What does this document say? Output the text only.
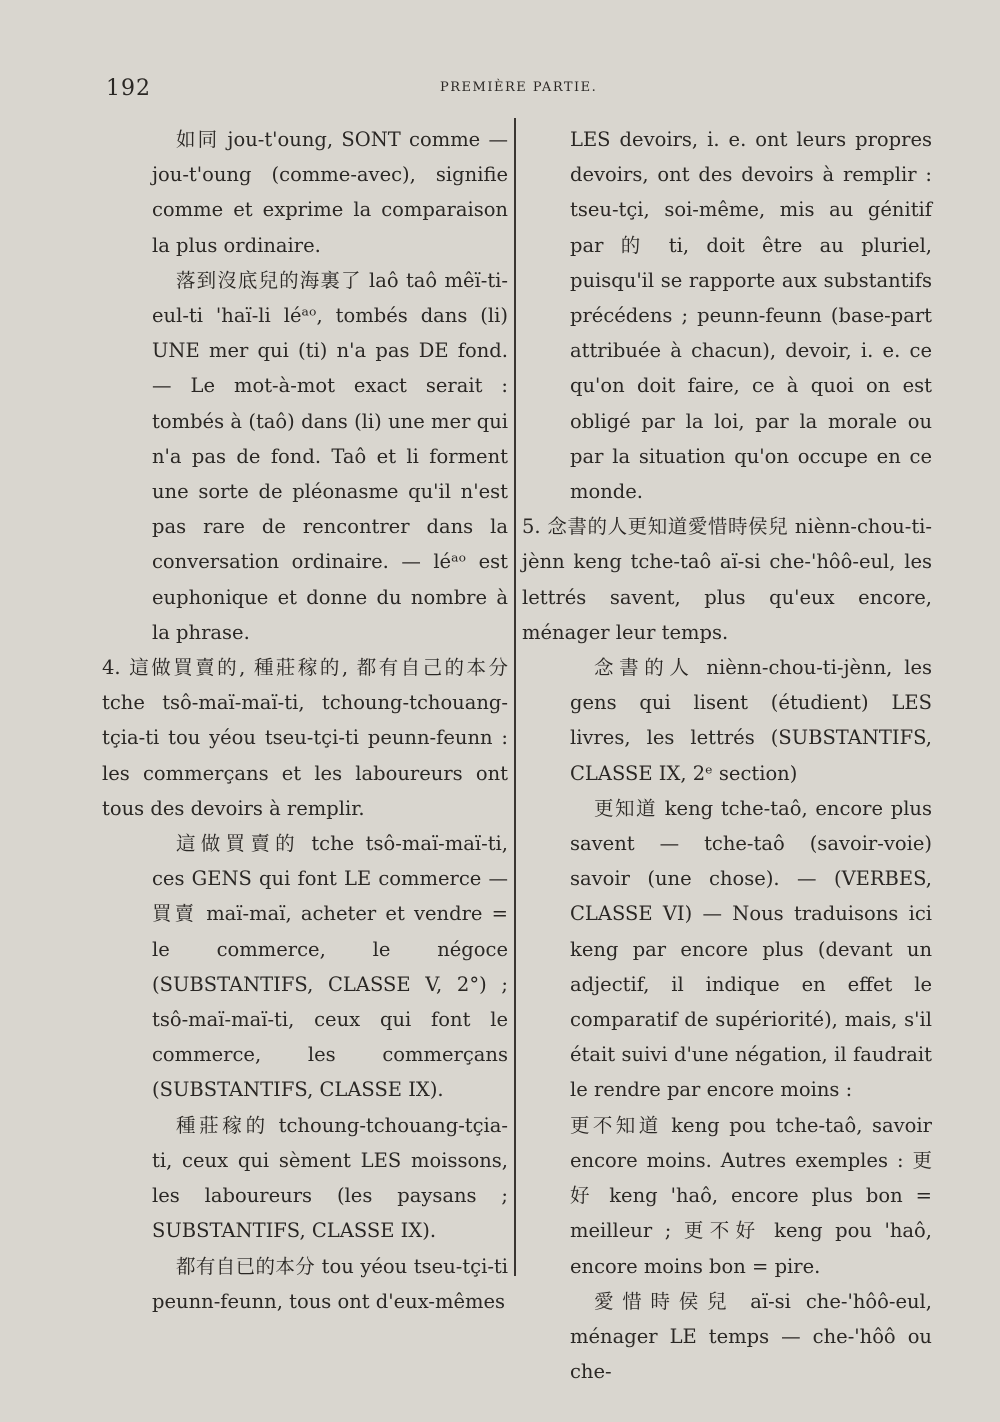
192	PREMIÈRE PARTIE.

如同 jou-t'oung, SONT comme — jou-t'oung (comme-avec), signifie comme et exprime la comparaison la plus ordinaire.

落到沒底兒的海裏了 laô taô mêï-ti-eul-ti 'haï-li léᵃᵒ, tombés dans (li) UNE mer qui (ti) n'a pas DE fond. — Le mot-à-mot exact serait : tombés à (taô) dans (li) une mer qui n'a pas de fond. Taô et li forment une sorte de pléonasme qu'il n'est pas rare de rencontrer dans la conversation ordinaire. — léᵃᵒ est euphonique et donne du nombre à la phrase.

4. 這做買賣的, 種莊稼的, 都有自己的本分 tche tsô-maï-maï-ti, tchoung-tchouang-tçia-ti tou yéou tseu-tçi-ti peunn-feunn : les commerçans et les laboureurs ont tous des devoirs à remplir.

這做買賣的 tche tsô-maï-maï-ti, ces GENS qui font LE commerce — 買賣 maï-maï, acheter et vendre = le commerce, le négoce (SUBSTANTIFS, CLASSE V, 2°) ; tsô-maï-maï-ti, ceux qui font le commerce, les commerçans (SUBSTANTIFS, CLASSE IX).

種莊稼的 tchoung-tchouang-tçia-ti, ceux qui sèment LES moissons, les laboureurs (les paysans ; SUBSTANTIFS, CLASSE IX).

都有自已的本分 tou yéou tseu-tçi-ti peunn-feunn, tous ont d'eux-mêmes

LES devoirs, i. e. ont leurs propres devoirs, ont des devoirs à remplir : tseu-tçi, soi-même, mis au génitif par 的 ti, doit être au pluriel, puisqu'il se rapporte aux substantifs précédens ; peunn-feunn (base-part attribuée à chacun), devoir, i. e. ce qu'on doit faire, ce à quoi on est obligé par la loi, par la morale ou par la situation qu'on occupe en ce monde.

5. 念書的人更知道愛惜時侯兒 niènn-chou-ti-jènn keng tche-taô aï-si che-'hôô-eul, les lettrés savent, plus qu'eux encore, ménager leur temps.

念書的人 niènn-chou-ti-jènn, les gens qui lisent (étudient) LES livres, les lettrés (SUBSTANTIFS, CLASSE IX, 2ᵉ section)

更知道 keng tche-taô, encore plus savent — tche-taô (savoir-voie) savoir (une chose). — (VERBES, CLASSE VI) — Nous traduisons ici keng par encore plus (devant un adjectif, il indique en effet le comparatif de supériorité), mais, s'il était suivi d'une négation, il faudrait le rendre par encore moins :

更不知道 keng pou tche-taô, savoir encore moins. Autres exemples : 更好 keng 'haô, encore plus bon = meilleur ; 更不好 keng pou 'haô, encore moins bon = pire.

愛惜時侯兒 aï-si che-'hôô-eul, ménager LE temps — che-'hôô ou che-
